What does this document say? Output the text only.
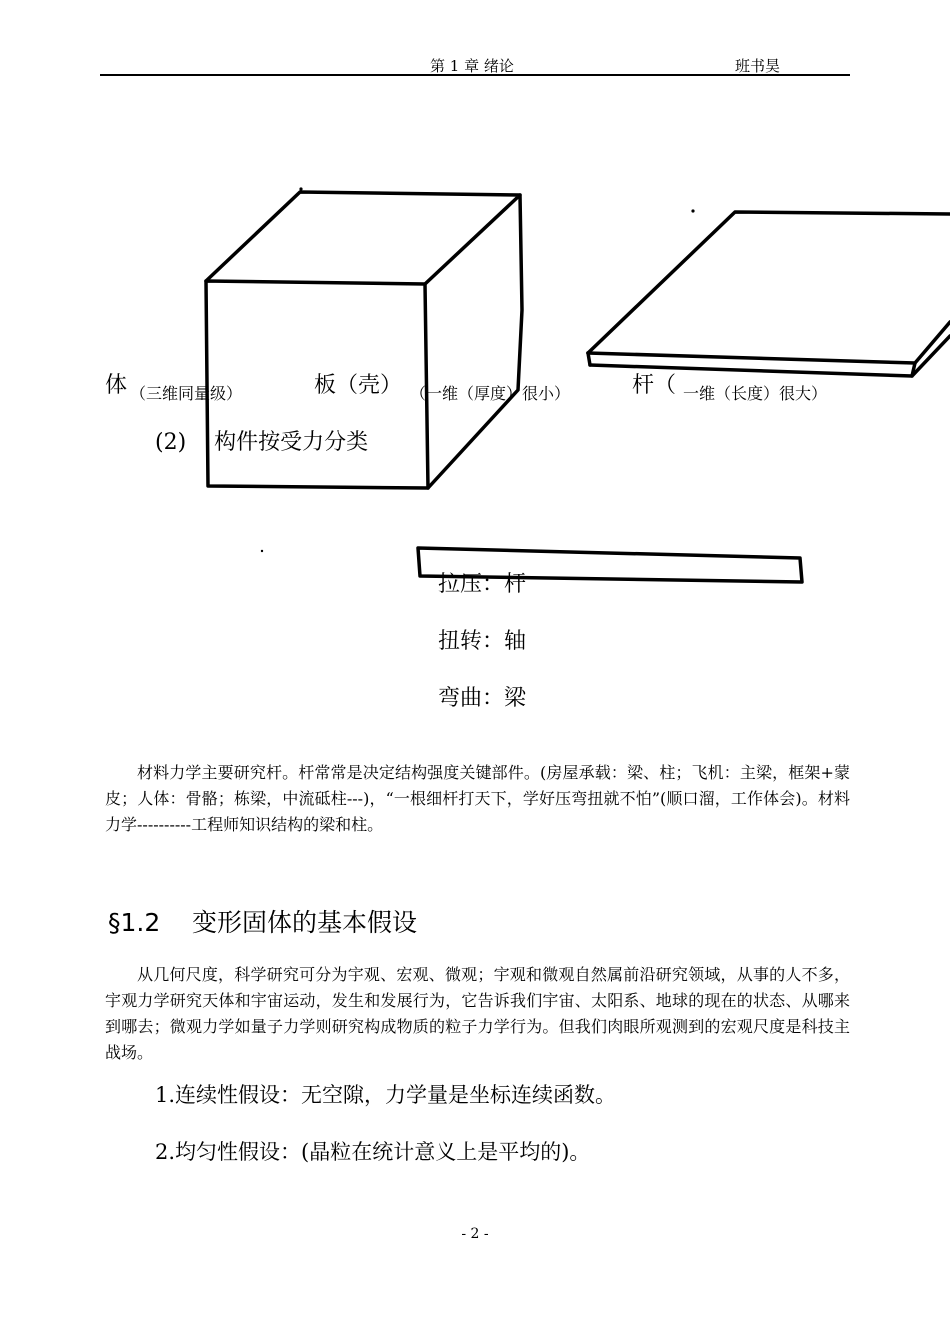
第 1 章 绪论	班书昊
体 （三维同量级）	板（壳） （一维（厚度）很小）	杆（ 一维（长度）很大）
(2)    构件按受力分类
拉压：杆
扭转：轴
弯曲：梁
材料力学主要研究杆。杆常常是决定结构强度关键部件。(房屋承载：梁、柱；飞机：主梁，框架+蒙皮；人体：骨骼；栋梁，中流砥柱---)，“一根细杆打天下，学好压弯扭就不怕”(顺口溜，工作体会)。材料力学----------工程师知识结构的梁和柱。
§1.2    变形固体的基本假设
从几何尺度，科学研究可分为宇观、宏观、微观；宇观和微观自然属前沿研究领域，从事的人不多，宇观力学研究天体和宇宙运动，发生和发展行为，它告诉我们宇宙、太阳系、地球的现在的状态、从哪来到哪去；微观力学如量子力学则研究构成物质的粒子力学行为。但我们肉眼所观测到的宏观尺度是科技主战场。
1.连续性假设：无空隙，力学量是坐标连续函数。
2.均匀性假设：(晶粒在统计意义上是平均的)。
- 2 -
